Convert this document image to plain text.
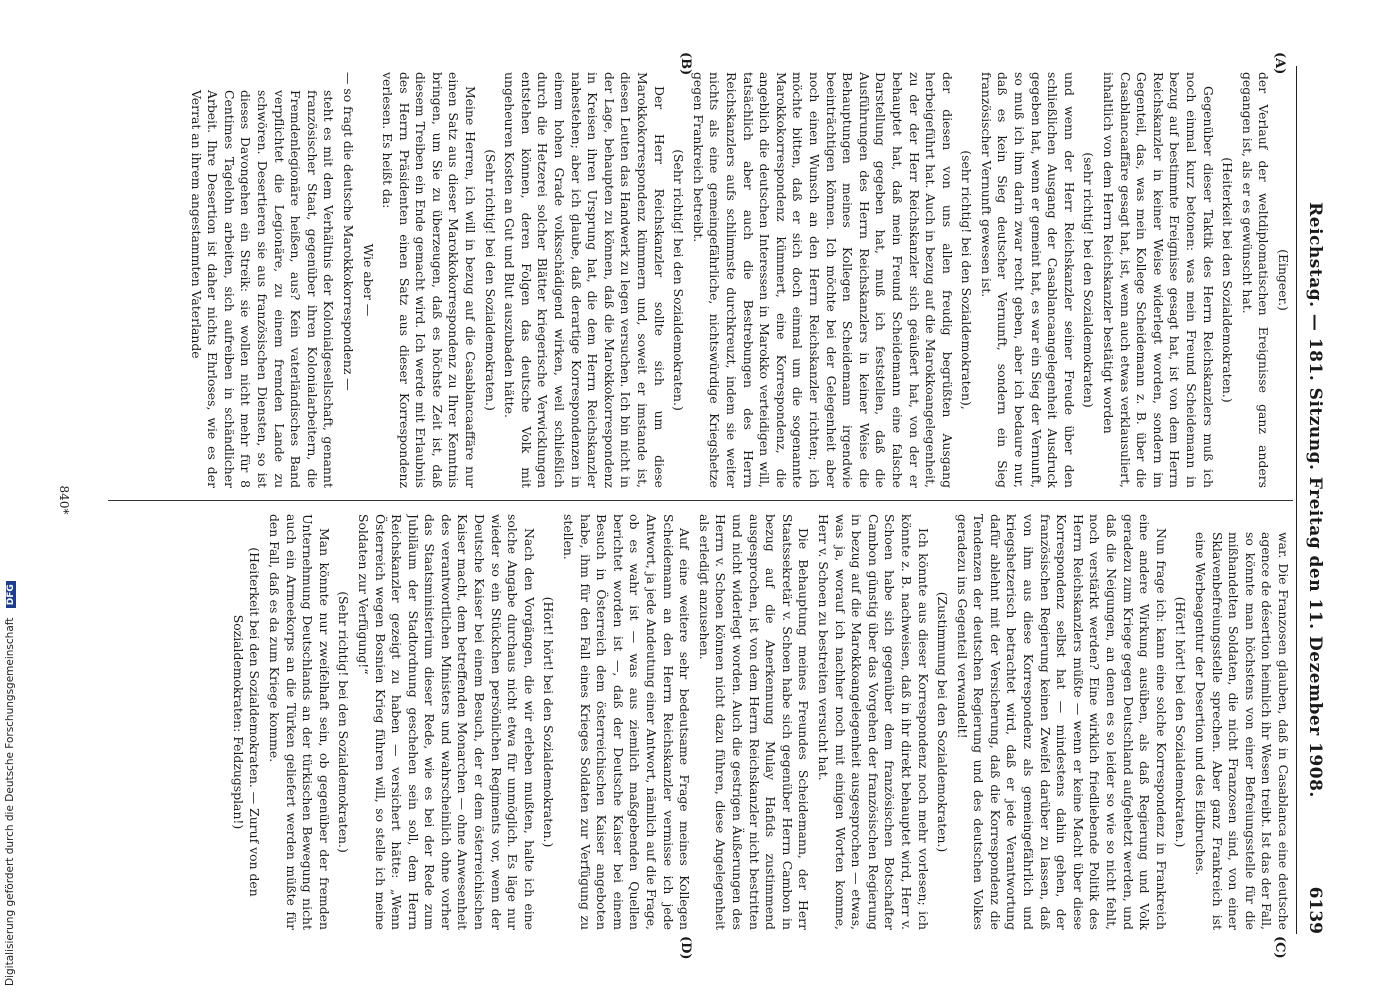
Reichstag. — 181. Sitzung. Freitag den 11. Dezember 1908.
6139
(A)
(B)
(C)
(D)

(Eingeer.)

der Verlauf der weltdiplomatischen Ereignisse ganz anders gegangen ist, als er es gewünscht hat.

(Heiterkeit bei den Sozialdemokraten.)

Gegenüber dieser Taktik des Herrn Reichskanzlers muß ich noch einmal kurz betonen: was mein Freund Scheidemann in bezug auf bestimmte Ereignisse gesagt hat, ist von dem Herrn Reichskanzler in keiner Weise widerlegt worden, sondern im Gegenteil, das, was mein Kollege Scheidemann z. B. über die Casablancaaffäre gesagt hat, ist, wenn auch etwas verklausuliert, inhaltlich von dem Herrn Reichskanzler bestätigt worden

(sehr richtig! bei den Sozialdemokraten)

und wenn der Herr Reichskanzler seiner Freude über den schließlichen Ausgang der Casablancaangelegenheit Ausdruck gegeben hat, wenn er gemeint hat, es war ein Sieg der Vernunft, so muß ich ihm darin zwar recht geben, aber ich bedaure nur, daß es kein Sieg deutscher Vernunft, sondern ein Sieg französischer Vernunft gewesen ist.

(sehr richtig! bei den Sozialdemokraten),

der diesen von uns allen freudig begrüßten Ausgang herbeigeführt hat. Auch in bezug auf die Marokkoangelegenheit, zu der der Herr Reichskanzler sich geäußert hat, von der er behauptet hat, daß mein Freund Scheidemann eine falsche Darstellung gegeben hat, muß ich feststellen, daß die Ausführungen des Herrn Reichskanzlers in keiner Weise die Behauptungen meines Kollegen Scheidemann irgendwie beeinträchtigen können. Ich möchte bei der Gelegenheit aber noch einen Wunsch an den Herrn Reichskanzler richten; ich möchte bitten, daß er sich doch einmal um die sogenannte Marokkokorrespondenz kümmert, eine Korrespondenz, die angeblich die deutschen Interessen in Marokko verteidigen will, tatsächlich aber auch die Bestrebungen des Herrn Reichskanzlers aufs schlimmste durchkreuzt, indem sie weiter nichts als eine gemeingefährliche, nichtswürdige Kriegshetze gegen Frankreich betreibt.

(Sehr richtig! bei den Sozialdemokraten.)

Der Herr Reichskanzler sollte sich um diese Marokkokorrespondenz kümmern und, soweit er imstande ist, diesen Leuten das Handwerk zu legen versuchen. Ich bin nicht in der Lage, behaupten zu können, daß die Marokkokorrespondenz in Kreisen ihren Ursprung hat, die dem Herrn Reichskanzler nahestehen; aber ich glaube, daß derartige Korrespondenzen in einem hohen Grade volksschädigend wirken, weil schließlich durch die Hetzerei solcher Blätter kriegerische Verwicklungen entstehen können, deren Folgen das deutsche Volk mit ungeheuren Kosten an Gut und Blut auszubaden hätte.

(Sehr richtig! bei den Sozialdemokraten.)

Meine Herren, ich will in bezug auf die Casablancaaffäre nur einen Satz aus dieser Marokkokorrespondenz zu Ihrer Kenntnis bringen, um Sie zu überzeugen, daß es höchste Zeit ist, daß diesem Treiben ein Ende gemacht wird. Ich werde mit Erlaubnis des Herrn Präsidenten einen Satz aus dieser Korrespondenz verlesen. Es heißt da:

Wie aber —

— so fragt die deutsche Marokkokorrespondenz —

steht es mit dem Verhältnis der Kolonialgesellschaft, genannt französischer Staat, gegenüber ihren Kolonialarbeitern, die Fremdenlegionäre heißen, aus? Kein vaterländisches Band verpflichtet die Legionäre, zu einem fremden Lande zu schwören. Desertieren sie aus französischen Diensten, so ist dieses Davongehen ein Streik: sie wollen nicht mehr für 8 Centimes Tagelohn arbeiten, sich aufreiben in schändlicher Arbeit. Ihre Desertion ist daher nichts Ehrloses, wie es der Verrat an ihrem angestammten Vaterlande

war. Die Franzosen glauben, daß in Casablanca eine deutsche agence de désertion heimlich ihr Wesen treibt. Ist das der Fall, so könnte man höchstens von einer Befreiungsstelle für die mißhandelten Soldaten, die nicht Franzosen sind, von einer Sklavenbefreiungsstelle sprechen. Aber ganz Frankreich ist eine Werbeagentur der Desertion und des Eidbruches.

(Hört! hört! bei den Sozialdemokraten.)

Nun frage ich: kann eine solche Korrespondenz in Frankreich eine andere Wirkung ausüben, als daß Regierung und Volk geradezu zum Kriege gegen Deutschland aufgehetzt werden, und daß die Neigungen, an denen es so leider so wie so nicht fehlt, noch verstärkt werden? Eine wirklich friedliebende Politik des Herrn Reichskanzlers müßte — wenn er keine Macht über diese Korrespondenz selbst hat — mindestens dahin gehen, der französischen Regierung keinen Zweifel darüber zu lassen, daß von ihm aus diese Korrespondenz als gemeingefährlich und kriegshetzerisch betrachtet wird, daß er jede Verantwortung dafür ablehnt mit der Versicherung, daß die Korrespondenz die Tendenzen der deutschen Regierung und des deutschen Volkes geradezu ins Gegenteil verwandelt!

(Zustimmung bei den Sozialdemokraten.)

Ich könnte aus dieser Korrespondenz noch mehr vorlesen; ich könnte z. B. nachweisen, daß in ihr direkt behauptet wird, Herr v. Schoen habe sich gegenüber dem französischen Botschafter Cambon günstig über das Vorgehen der französischen Regierung in bezug auf die Marokkoangelegenheit ausgesprochen — etwas, was ja, worauf ich nachher noch mit einigen Worten komme, Herr v. Schoen zu bestreiten versucht hat.

Die Behauptung meines Freundes Scheidemann, der Herr Staatssekretär v. Schoen habe sich gegenüber Herrn Cambon in bezug auf die Anerkennung Mulay Hafids zustimmend ausgesprochen, ist von dem Herrn Reichskanzler nicht bestritten und nicht widerlegt worden. Auch die gestrigen Äußerungen des Herrn v. Schoen können nicht dazu führen, diese Angelegenheit als erledigt anzusehen.

Auf eine weitere sehr bedeutsame Frage meines Kollegen Scheidemann an den Herrn Reichskanzler vermisse ich jede Antwort, ja jede Andeutung einer Antwort, nämlich auf die Frage, ob es wahr ist — was aus ziemlich maßgebenden Quellen berichtet worden ist —, daß der Deutsche Kaiser bei einem Besuch in Österreich dem österreichischen Kaiser angeboten habe, ihm für den Fall eines Krieges Soldaten zur Verfügung zu stellen.

(Hört! hört! bei den Sozialdemokraten.)

Nach den Vorgängen, die wir erleben mußten, halte ich eine solche Angabe durchaus nicht etwa für unmöglich. Es läge nur wieder so ein Stückchen persönlichen Regiments vor, wenn der Deutsche Kaiser bei einem Besuch, der er dem österreichischen Kaiser macht, dem betreffenden Monarchen — ohne Anwesenheit des verantwortlichen Ministers und wahrscheinlich ohne vorher das Staatsministerium dieser Rede, wie es bei der Rede zum Jubiläum der Stadtordnung geschehen sein soll, dem Herrn Reichskanzler gezeigt zu haben — versichert hätte: „Wenn Österreich wegen Bosnien Krieg führen will, so stelle ich meine Soldaten zur Verfügung!“

(Sehr richtig! bei den Sozialdemokraten.)

Man könnte nur zweifelhaft sein, ob gegenüber der fremden Unternehmung Deutschlands an der türkischen Bewegung nicht auch ein Armeekorps an die Türken geliefert werden müßte für den Fall, daß es da zum Kriege komme.

(Heiterkeit bei den Sozialdemokraten. — Zuruf von den Sozialdemokraten: Feldzugsplan!)

840*
Digitalisierung gefördert durch die Deutsche Forschungsgemeinschaft DFG
